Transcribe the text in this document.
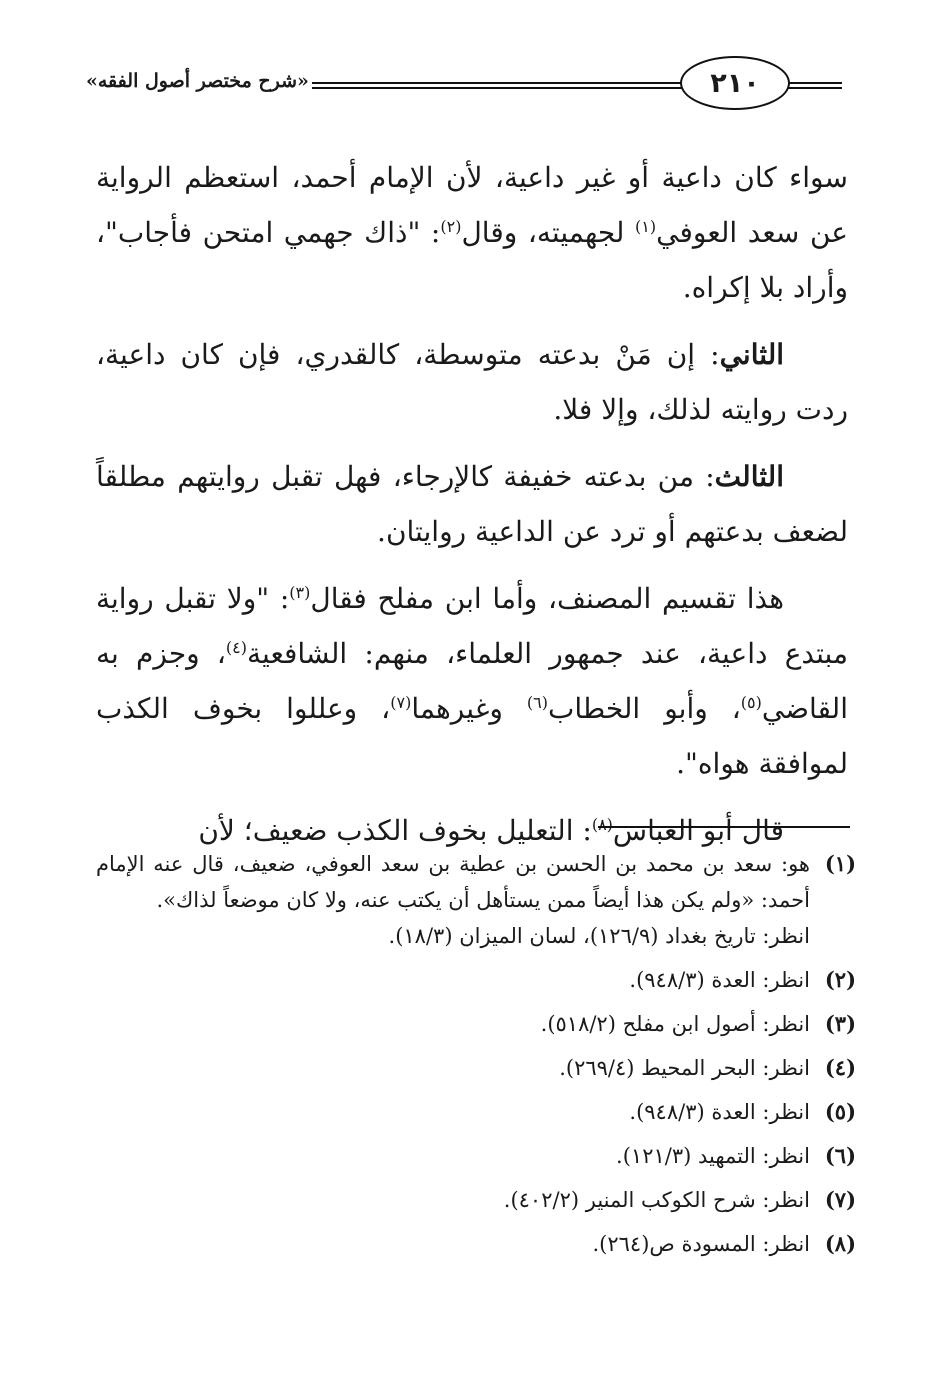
«شرح مختصر أصول الفقه»	٢١٠

سواء كان داعية أو غير داعية، لأن الإمام أحمد، استعظم الرواية عن سعد العوفي$^{(١)}$ لجهميته، وقال$^{(٢)}$: "ذاك جهمي امتحن فأجاب"، وأراد بلا إكراه.

الثاني: إن مَنْ بدعته متوسطة، كالقدري، فإن كان داعية، ردت روايته لذلك، وإلا فلا.

الثالث: من بدعته خفيفة كالإرجاء، فهل تقبل روايتهم مطلقاً لضعف بدعتهم أو ترد عن الداعية روايتان.

هذا تقسيم المصنف، وأما ابن مفلح فقال$^{(٣)}$: "ولا تقبل رواية مبتدع داعية، عند جمهور العلماء، منهم: الشافعية$^{(٤)}$، وجزم به القاضي$^{(٥)}$، وأبو الخطاب$^{(٦)}$ وغيرهما$^{(٧)}$، وعللوا بخوف الكذب لموافقة هواه".

قال أبو العباس$^{(٨)}$: التعليل بخوف الكذب ضعيف؛ لأن

(١)
هو: سعد بن محمد بن الحسن بن عطية بن سعد العوفي، ضعيف، قال عنه الإمام أحمد: «ولم يكن هذا أيضاً ممن يستأهل أن يكتب عنه، ولا كان موضعاً لذاك».
انظر: تاريخ بغداد (١٢٦/٩)، لسان الميزان (١٨/٣).
(٢)
انظر: العدة (٩٤٨/٣).
(٣)
انظر: أصول ابن مفلح (٥١٨/٢).
(٤)
انظر: البحر المحيط (٢٦٩/٤).
(٥)
انظر: العدة (٩٤٨/٣).
(٦)
انظر: التمهيد (١٢١/٣).
(٧)
انظر: شرح الكوكب المنير (٤٠٢/٢).
(٨)
انظر: المسودة ص(٢٦٤).
